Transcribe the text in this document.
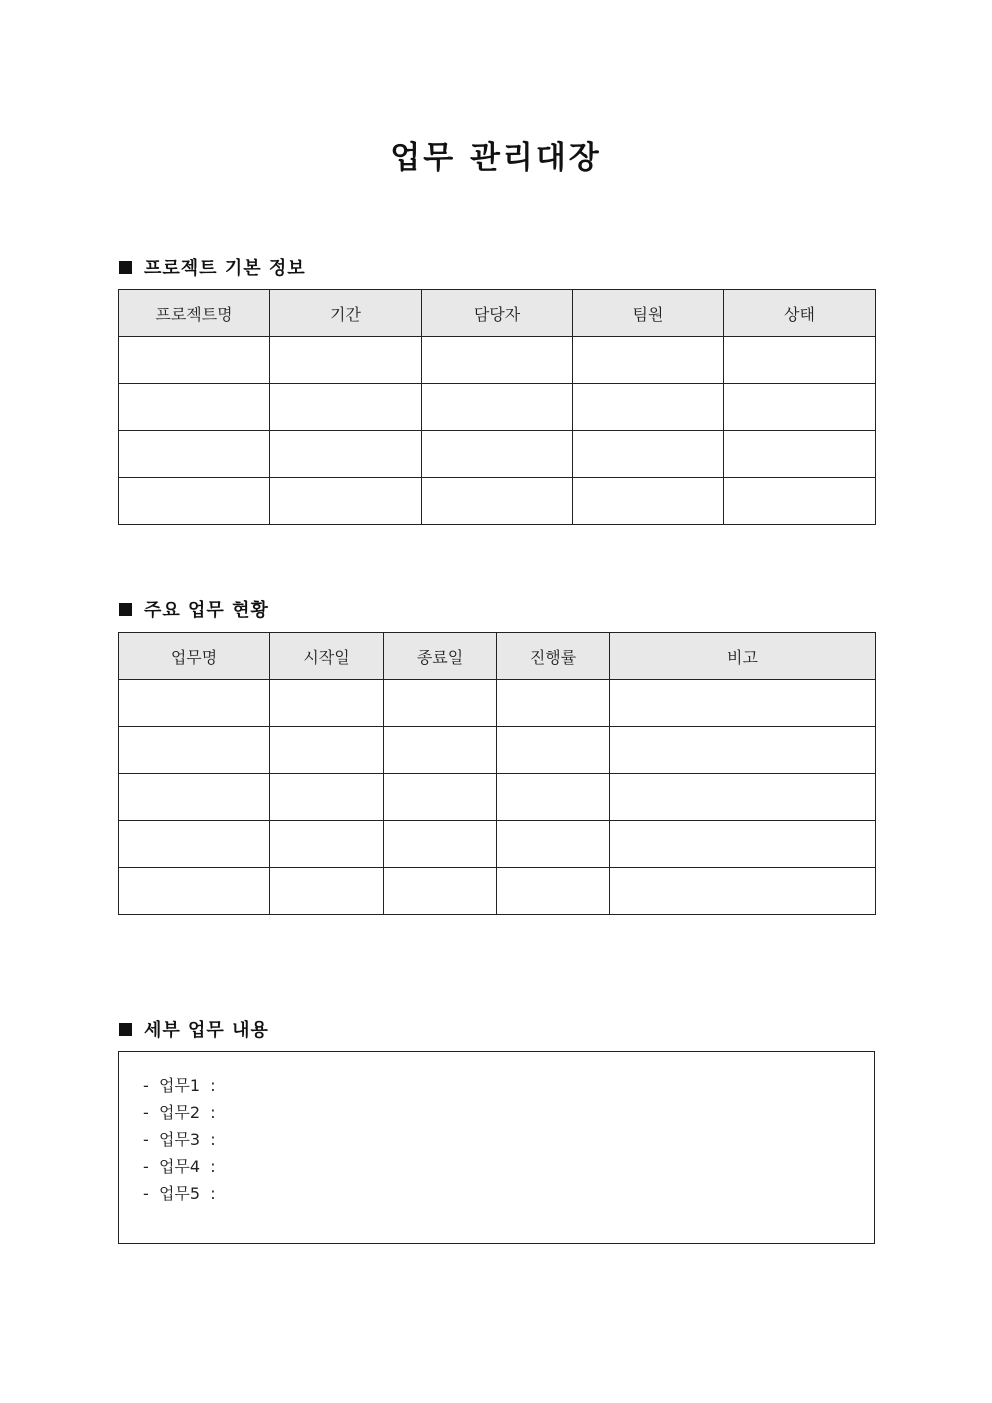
업무 관리대장
프로젝트 기본 정보
프로젝트명	기간	담당자	팀원	상태

주요 업무 현황
업무명	시작일	종료일	진행률	비고

세부 업무 내용
-  업무1  :
-  업무2  :
-  업무3  :
-  업무4  :
-  업무5  :
